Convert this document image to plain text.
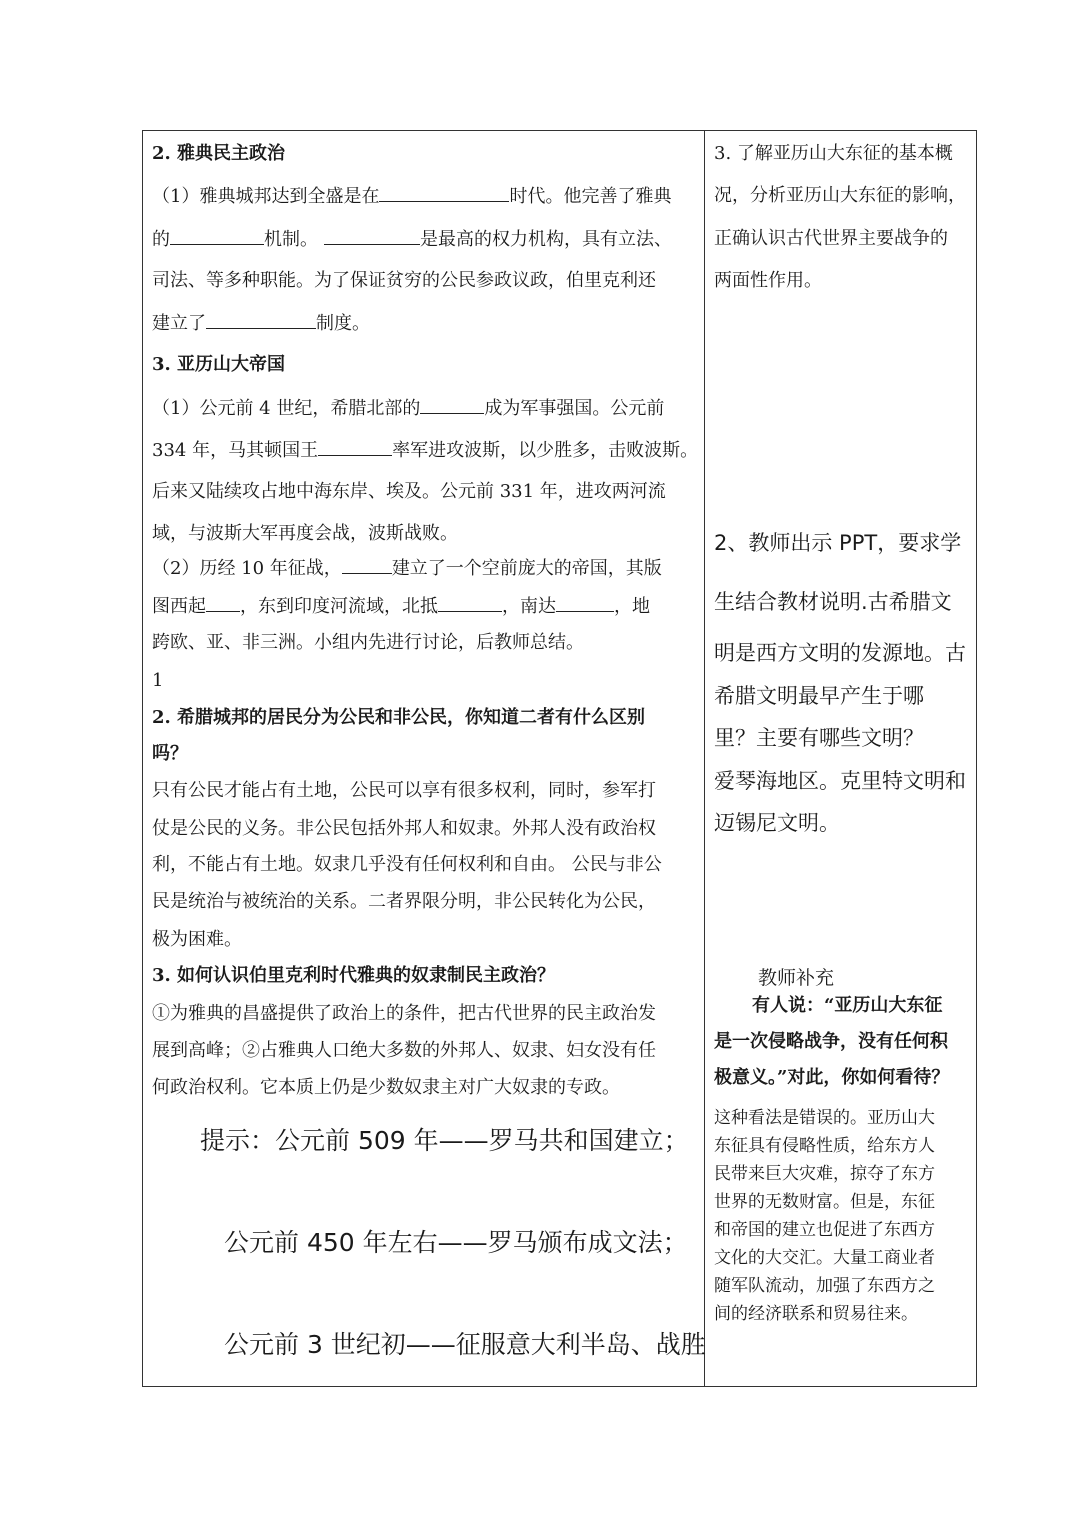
2. 雅典民主政治
（1）雅典城邦达到全盛是在	时代。他完善了雅典
的	机制。	是最高的权力机构，具有立法、
司法、等多种职能。为了保证贫穷的公民参政议政，伯里克利还
建立了	制度。
3. 亚历山大帝国
（1）公元前 4 世纪，希腊北部的	成为军事强国。公元前
334 年，马其顿国王	率军进攻波斯，以少胜多，击败波斯。
后来又陆续攻占地中海东岸、埃及。公元前 331 年，进攻两河流
域，与波斯大军再度会战，波斯战败。
（2）历经 10 年征战，	建立了一个空前庞大的帝国，其版
图西起 ，东到印度河流域，北抵	，南达	，地
跨欧、亚、非三洲。小组内先进行讨论，后教师总结。
1
2. 希腊城邦的居民分为公民和非公民，你知道二者有什么区别
吗？
只有公民才能占有土地，公民可以享有很多权利，同时，参军打
仗是公民的义务。非公民包括外邦人和奴隶。外邦人没有政治权
利，不能占有土地。奴隶几乎没有任何权利和自由。 公民与非公
民是统治与被统治的关系。二者界限分明，非公民转化为公民，
极为困难。
3. 如何认识伯里克利时代雅典的奴隶制民主政治？
①为雅典的昌盛提供了政治上的条件，把古代世界的民主政治发
展到高峰；②占雅典人口绝大多数的外邦人、奴隶、妇女没有任
何政治权利。它本质上仍是少数奴隶主对广大奴隶的专政。
提示：公元前 509 年——罗马共和国建立；
公元前 450 年左右——罗马颁布成文法；
公元前 3 世纪初——征服意大利半岛、战胜
3. 了解亚历山大东征的基本概
况，分析亚历山大东征的影响，
正确认识古代世界主要战争的
两面性作用。
2、教师出示 PPT，要求学
生结合教材说明.古希腊文
明是西方文明的发源地。古
希腊文明最早产生于哪
里？主要有哪些文明？
爱琴海地区。克里特文明和
迈锡尼文明。
教师补充
有人说：“亚历山大东征
是一次侵略战争，没有任何积
极意义。”对此，你如何看待？
这种看法是错误的。亚历山大
东征具有侵略性质，给东方人
民带来巨大灾难，掠夺了东方
世界的无数财富。但是，东征
和帝国的建立也促进了东西方
文化的大交汇。大量工商业者
随军队流动，加强了东西方之
间的经济联系和贸易往来。
